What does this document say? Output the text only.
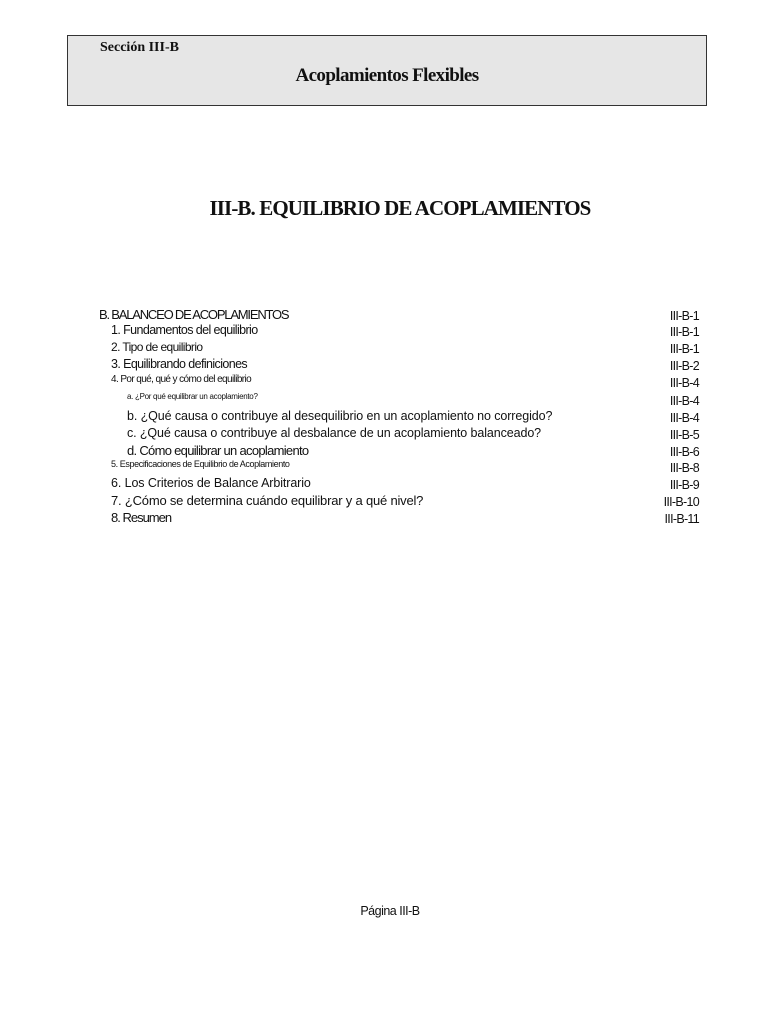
Sección III-B
Acoplamientos Flexibles
III-B. EQUILIBRIO DE ACOPLAMIENTOS
B. BALANCEO DE ACOPLAMIENTOS	III-B-1
1. Fundamentos del equilibrio	III-B-1
2. Tipo de equilibrio	III-B-1
3. Equilibrando definiciones	III-B-2
4. Por qué, qué y cómo del equilibrio	III-B-4
a. ¿Por qué equilibrar un acoplamiento?	III-B-4
b. ¿Qué causa o contribuye al desequilibrio en un acoplamiento no corregido?	III-B-4
c. ¿Qué causa o contribuye al desbalance de un acoplamiento balanceado?	III-B-5
d. Cómo equilibrar un acoplamiento	III-B-6
5. Especificaciones de Equilibrio de Acoplamiento	III-B-8
6. Los Criterios de Balance Arbitrario	III-B-9
7. ¿Cómo se determina cuándo equilibrar y a qué nivel?	III-B-10
8. Resumen	III-B-11
Página III-B
